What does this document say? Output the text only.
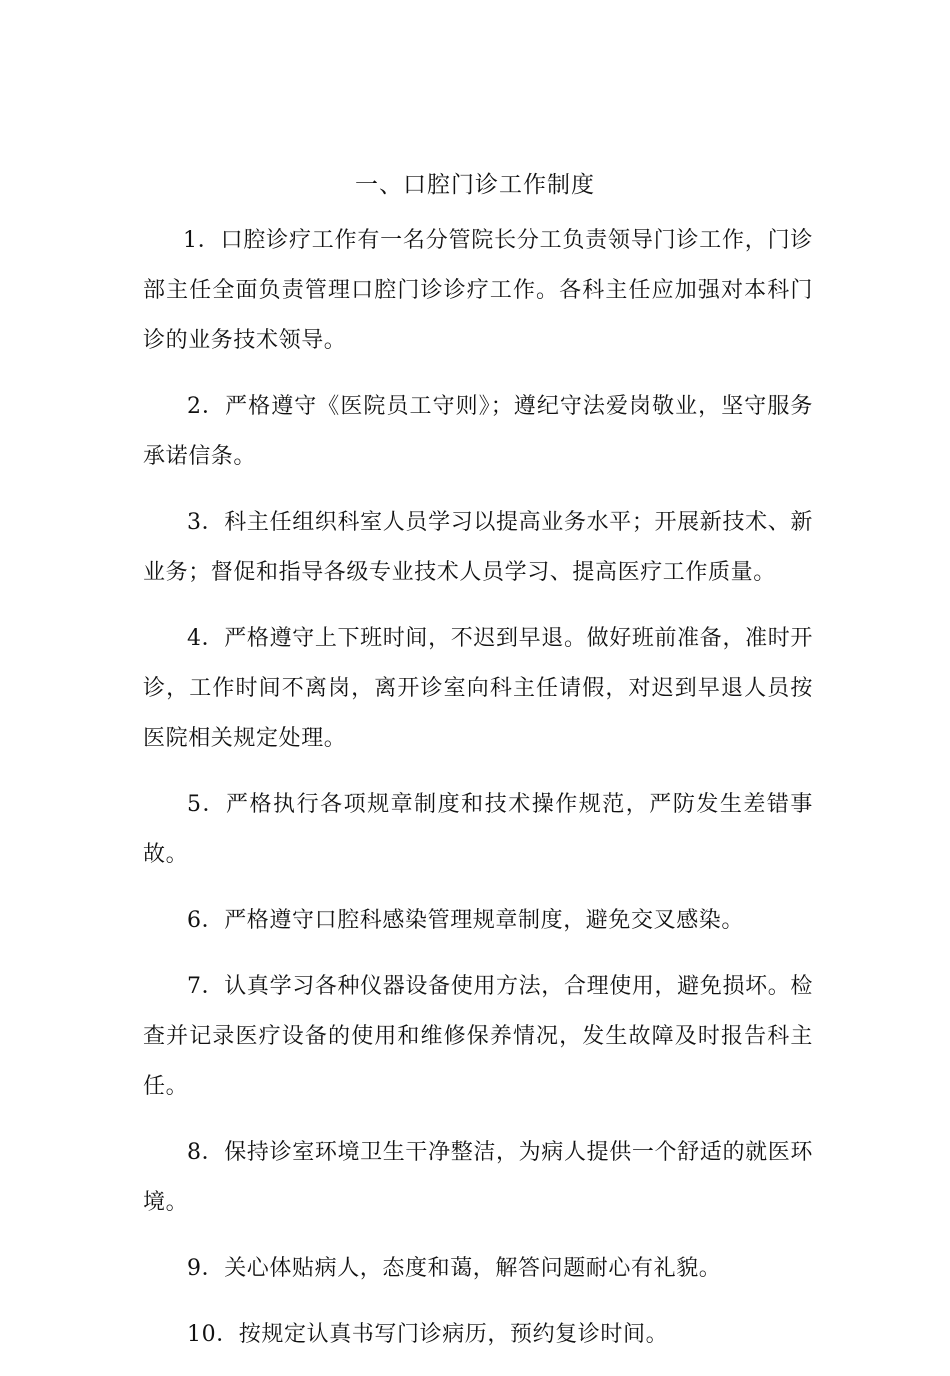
一、口腔门诊工作制度

1．口腔诊疗工作有一名分管院长分工负责领导门诊工作，门诊部主任全面负责管理口腔门诊诊疗工作。各科主任应加强对本科门诊的业务技术领导。

2．严格遵守《医院员工守则》；遵纪守法爱岗敬业，坚守服务承诺信条。

3．科主任组织科室人员学习以提高业务水平；开展新技术、新业务；督促和指导各级专业技术人员学习、提高医疗工作质量。

4．严格遵守上下班时间，不迟到早退。做好班前准备，准时开诊，工作时间不离岗，离开诊室向科主任请假，对迟到早退人员按医院相关规定处理。

5．严格执行各项规章制度和技术操作规范，严防发生差错事故。

6．严格遵守口腔科感染管理规章制度，避免交叉感染。

7．认真学习各种仪器设备使用方法，合理使用，避免损坏。检查并记录医疗设备的使用和维修保养情况，发生故障及时报告科主任。

8．保持诊室环境卫生干净整洁，为病人提供一个舒适的就医环境。

9．关心体贴病人，态度和蔼，解答问题耐心有礼貌。

10．按规定认真书写门诊病历，预约复诊时间。
